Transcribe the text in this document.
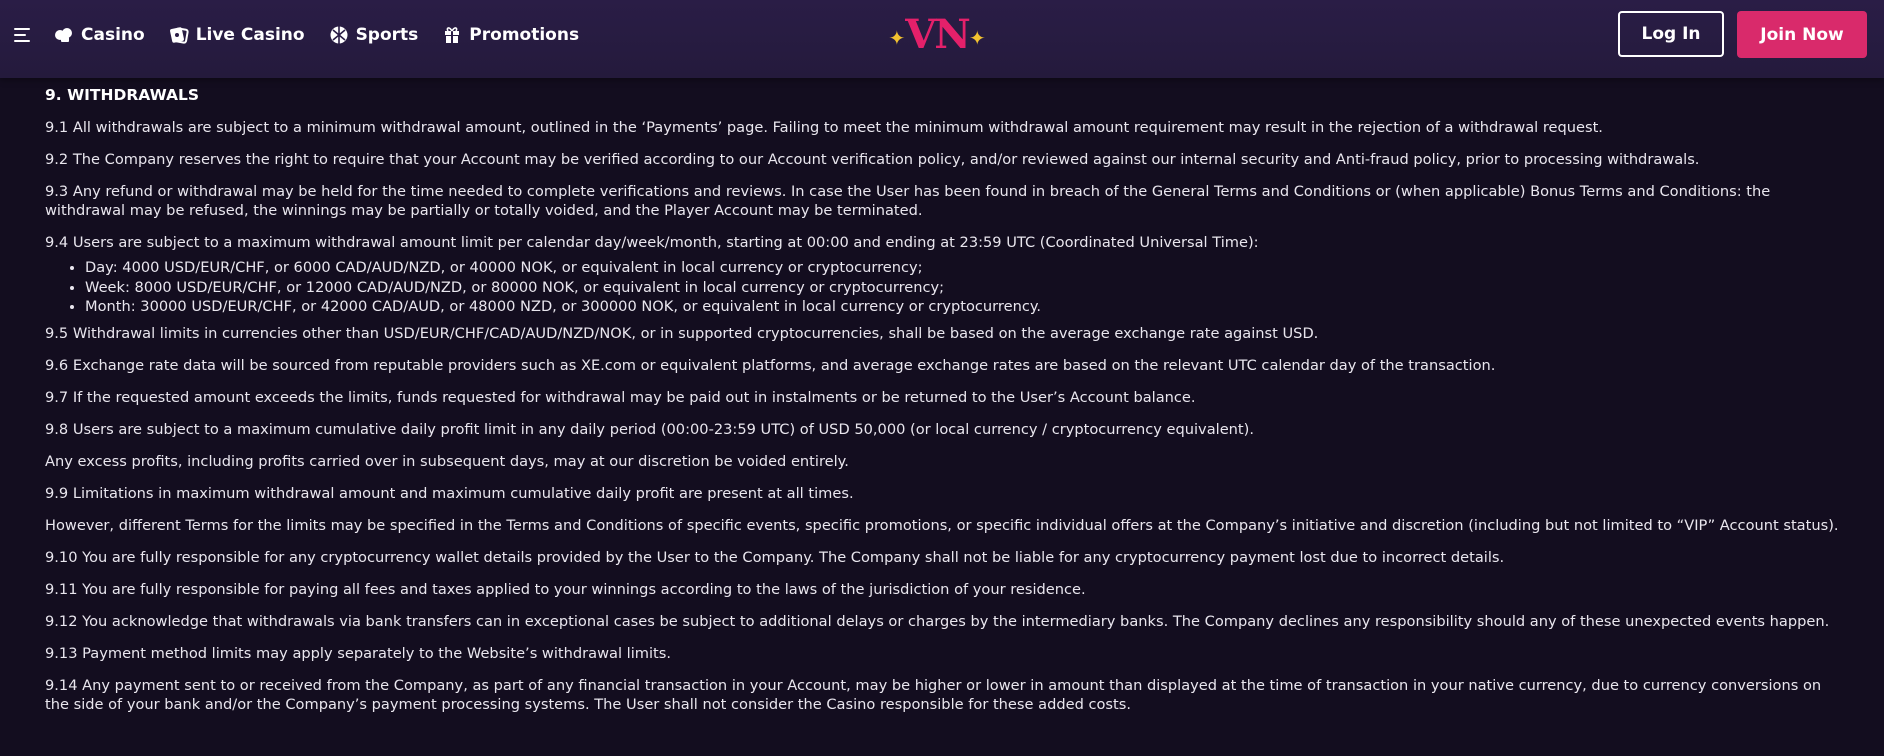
Casino	Live Casino	Sports	Promotions	✦ VN ✦	Log In	Join Now
9. WITHDRAWALS
9.1 All withdrawals are subject to a minimum withdrawal amount, outlined in the ‘Payments’ page. Failing to meet the minimum withdrawal amount requirement may result in the rejection of a withdrawal request.
9.2 The Company reserves the right to require that your Account may be verified according to our Account verification policy, and/or reviewed against our internal security and Anti-fraud policy, prior to processing withdrawals.
9.3 Any refund or withdrawal may be held for the time needed to complete verifications and reviews. In case the User has been found in breach of the General Terms and Conditions or (when applicable) Bonus Terms and Conditions: the withdrawal may be refused, the winnings may be partially or totally voided, and the Player Account may be terminated.
9.4 Users are subject to a maximum withdrawal amount limit per calendar day/week/month, starting at 00:00 and ending at 23:59 UTC (Coordinated Universal Time):
• Day: 4000 USD/EUR/CHF, or 6000 CAD/AUD/NZD, or 40000 NOK, or equivalent in local currency or cryptocurrency;
• Week: 8000 USD/EUR/CHF, or 12000 CAD/AUD/NZD, or 80000 NOK, or equivalent in local currency or cryptocurrency;
• Month: 30000 USD/EUR/CHF, or 42000 CAD/AUD, or 48000 NZD, or 300000 NOK, or equivalent in local currency or cryptocurrency.
9.5 Withdrawal limits in currencies other than USD/EUR/CHF/CAD/AUD/NZD/NOK, or in supported cryptocurrencies, shall be based on the average exchange rate against USD.
9.6 Exchange rate data will be sourced from reputable providers such as XE.com or equivalent platforms, and average exchange rates are based on the relevant UTC calendar day of the transaction.
9.7 If the requested amount exceeds the limits, funds requested for withdrawal may be paid out in instalments or be returned to the User’s Account balance.
9.8 Users are subject to a maximum cumulative daily profit limit in any daily period (00:00-23:59 UTC) of USD 50,000 (or local currency / cryptocurrency equivalent).
Any excess profits, including profits carried over in subsequent days, may at our discretion be voided entirely.
9.9 Limitations in maximum withdrawal amount and maximum cumulative daily profit are present at all times.
However, different Terms for the limits may be specified in the Terms and Conditions of specific events, specific promotions, or specific individual offers at the Company’s initiative and discretion (including but not limited to “VIP” Account status).
9.10 You are fully responsible for any cryptocurrency wallet details provided by the User to the Company. The Company shall not be liable for any cryptocurrency payment lost due to incorrect details.
9.11 You are fully responsible for paying all fees and taxes applied to your winnings according to the laws of the jurisdiction of your residence.
9.12 You acknowledge that withdrawals via bank transfers can in exceptional cases be subject to additional delays or charges by the intermediary banks. The Company declines any responsibility should any of these unexpected events happen.
9.13 Payment method limits may apply separately to the Website’s withdrawal limits.
9.14 Any payment sent to or received from the Company, as part of any financial transaction in your Account, may be higher or lower in amount than displayed at the time of transaction in your native currency, due to currency conversions on the side of your bank and/or the Company’s payment processing systems. The User shall not consider the Casino responsible for these added costs.
